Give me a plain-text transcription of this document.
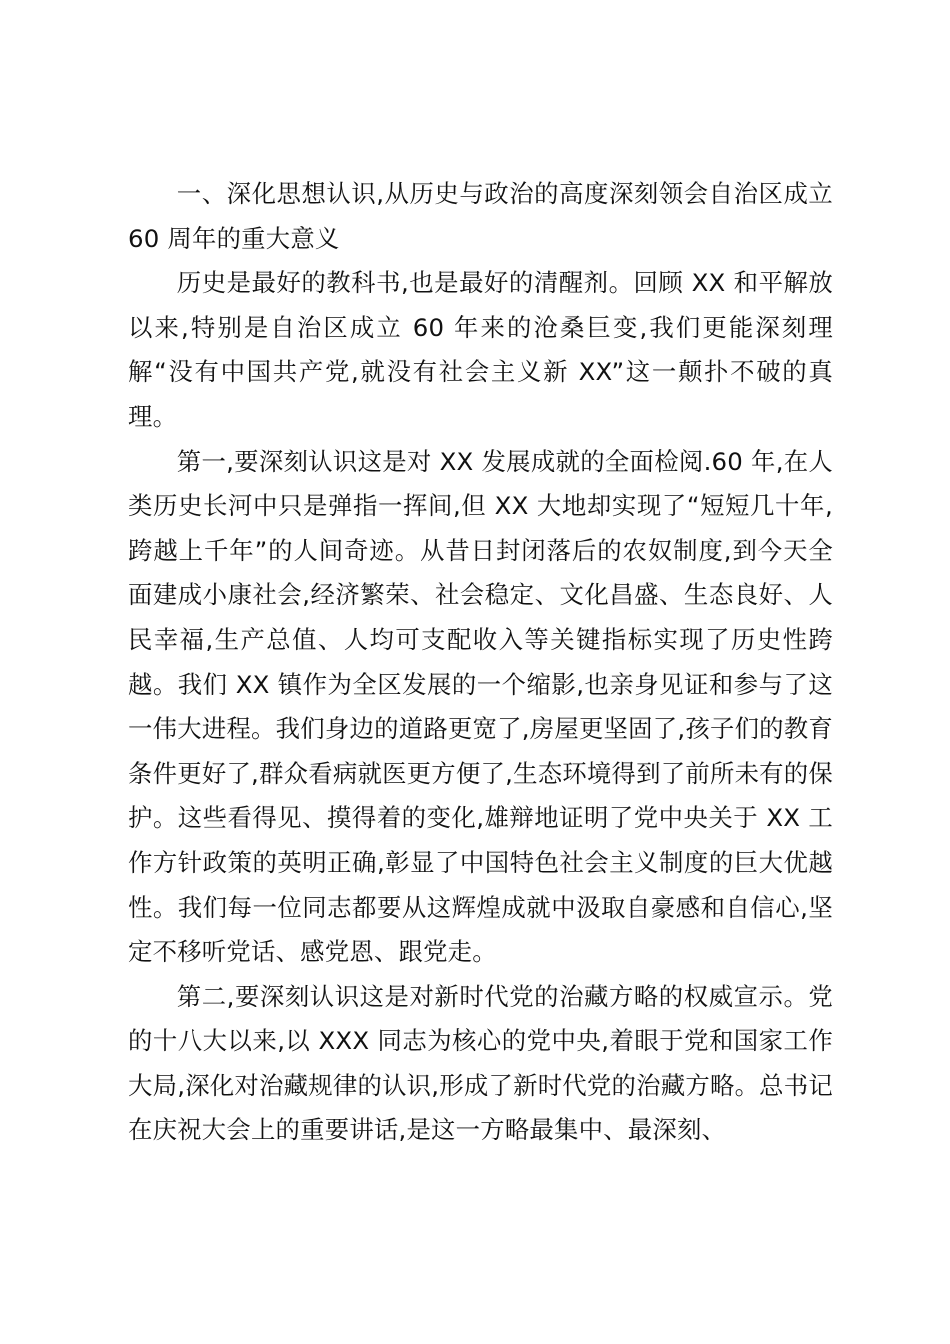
一、深化思想认识,从历史与政治的高度深刻领会自治区成立 60 周年的重大意义

历史是最好的教科书,也是最好的清醒剂。回顾 XX 和平解放以来,特别是自治区成立 60 年来的沧桑巨变,我们更能深刻理解“没有中国共产党,就没有社会主义新 XX”这一颠扑不破的真理。

第一,要深刻认识这是对 XX 发展成就的全面检阅.60 年,在人类历史长河中只是弹指一挥间,但 XX 大地却实现了“短短几十年,跨越上千年”的人间奇迹。从昔日封闭落后的农奴制度,到今天全面建成小康社会,经济繁荣、社会稳定、文化昌盛、生态良好、人民幸福,生产总值、人均可支配收入等关键指标实现了历史性跨越。我们 XX 镇作为全区发展的一个缩影,也亲身见证和参与了这一伟大进程。我们身边的道路更宽了,房屋更坚固了,孩子们的教育条件更好了,群众看病就医更方便了,生态环境得到了前所未有的保护。这些看得见、摸得着的变化,雄辩地证明了党中央关于 XX 工作方针政策的英明正确,彰显了中国特色社会主义制度的巨大优越性。我们每一位同志都要从这辉煌成就中汲取自豪感和自信心,坚定不移听党话、感党恩、跟党走。

第二,要深刻认识这是对新时代党的治藏方略的权威宣示。党的十八大以来,以 XXX 同志为核心的党中央,着眼于党和国家工作大局,深化对治藏规律的认识,形成了新时代党的治藏方略。总书记在庆祝大会上的重要讲话,是这一方略最集中、最深刻、
